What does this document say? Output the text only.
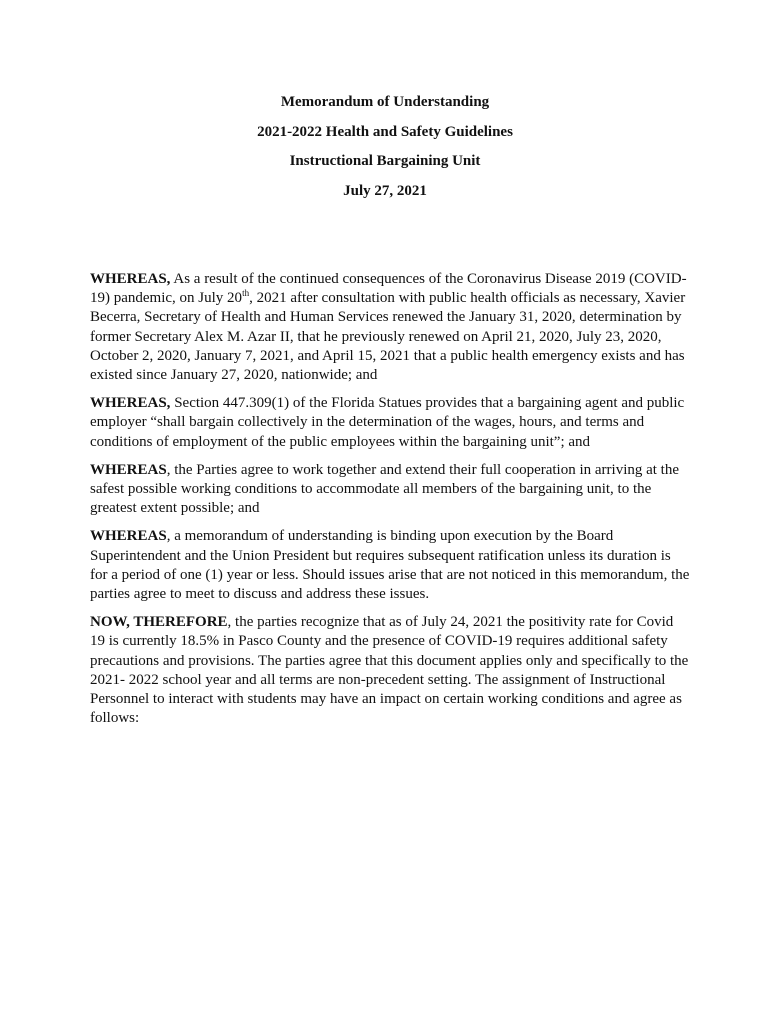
Memorandum of Understanding
2021-2022 Health and Safety Guidelines
Instructional Bargaining Unit
July 27, 2021

WHEREAS, As a result of the continued consequences of the Coronavirus Disease 2019 (COVID-19) pandemic, on July 20th, 2021 after consultation with public health officials as necessary, Xavier Becerra, Secretary of Health and Human Services renewed the January 31, 2020, determination by former Secretary Alex M. Azar II, that he previously renewed on April 21, 2020, July 23, 2020, October 2, 2020, January 7, 2021, and April 15, 2021 that a public health emergency exists and has existed since January 27, 2020, nationwide; and

WHEREAS, Section 447.309(1) of the Florida Statues provides that a bargaining agent and public employer “shall bargain collectively in the determination of the wages, hours, and terms and conditions of employment of the public employees within the bargaining unit”; and

WHEREAS, the Parties agree to work together and extend their full cooperation in arriving at the safest possible working conditions to accommodate all members of the bargaining unit, to the greatest extent possible; and

WHEREAS, a memorandum of understanding is binding upon execution by the Board Superintendent and the Union President but requires subsequent ratification unless its duration is for a period of one (1) year or less. Should issues arise that are not noticed in this memorandum, the parties agree to meet to discuss and address these issues.

NOW, THEREFORE, the parties recognize that as of July 24, 2021 the positivity rate for Covid 19 is currently 18.5% in Pasco County and the presence of COVID-19 requires additional safety precautions and provisions. The parties agree that this document applies only and specifically to the 2021- 2022 school year and all terms are non-precedent setting. The assignment of Instructional Personnel to interact with students may have an impact on certain working conditions and agree as follows:
